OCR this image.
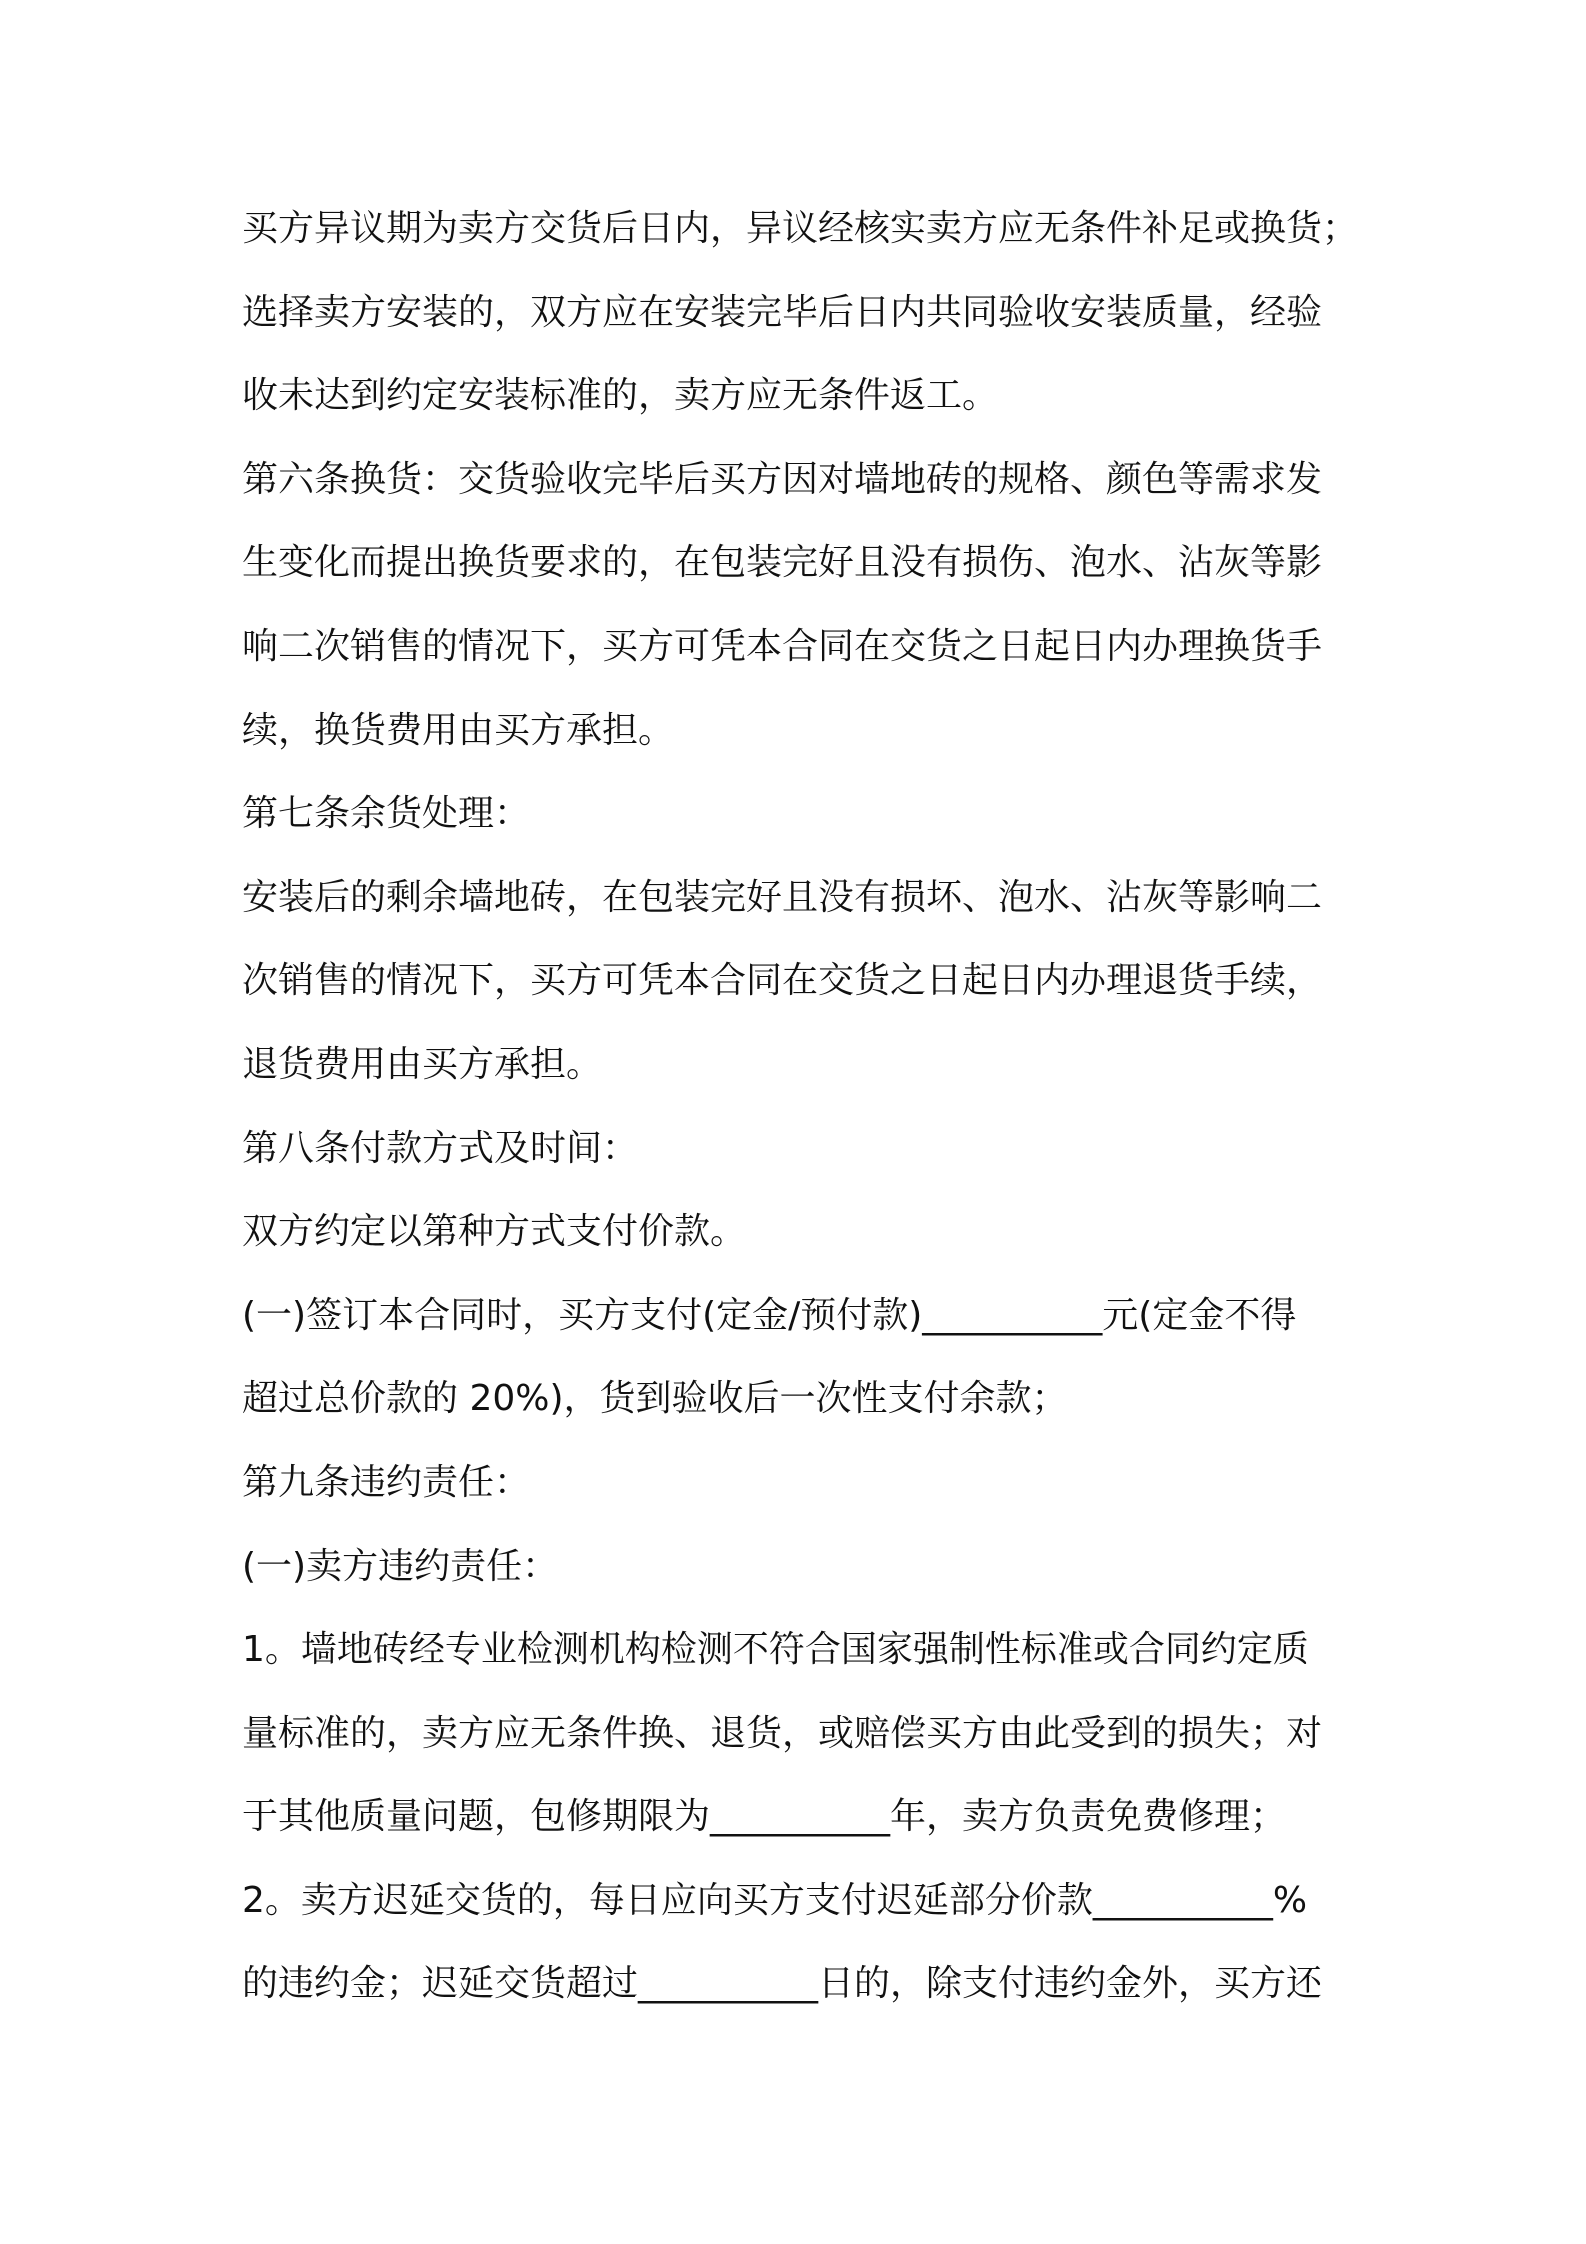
买方异议期为卖方交货后日内，异议经核实卖方应无条件补足或换货；
选择卖方安装的，双方应在安装完毕后日内共同验收安装质量，经验
收未达到约定安装标准的，卖方应无条件返工。
第六条换货：交货验收完毕后买方因对墙地砖的规格、颜色等需求发
生变化而提出换货要求的，在包装完好且没有损伤、泡水、沾灰等影
响二次销售的情况下，买方可凭本合同在交货之日起日内办理换货手
续，换货费用由买方承担。
第七条余货处理：
安装后的剩余墙地砖，在包装完好且没有损坏、泡水、沾灰等影响二
次销售的情况下，买方可凭本合同在交货之日起日内办理退货手续，
退货费用由买方承担。
第八条付款方式及时间：
双方约定以第种方式支付价款。
(一)签订本合同时，买方支付(定金/预付款)__________元(定金不得
超过总价款的 20%)，货到验收后一次性支付余款；
第九条违约责任：
(一)卖方违约责任：
1。墙地砖经专业检测机构检测不符合国家强制性标准或合同约定质
量标准的，卖方应无条件换、退货，或赔偿买方由此受到的损失；对
于其他质量问题，包修期限为__________年，卖方负责免费修理；
2。卖方迟延交货的，每日应向买方支付迟延部分价款__________%
的违约金；迟延交货超过__________日的，除支付违约金外，买方还
